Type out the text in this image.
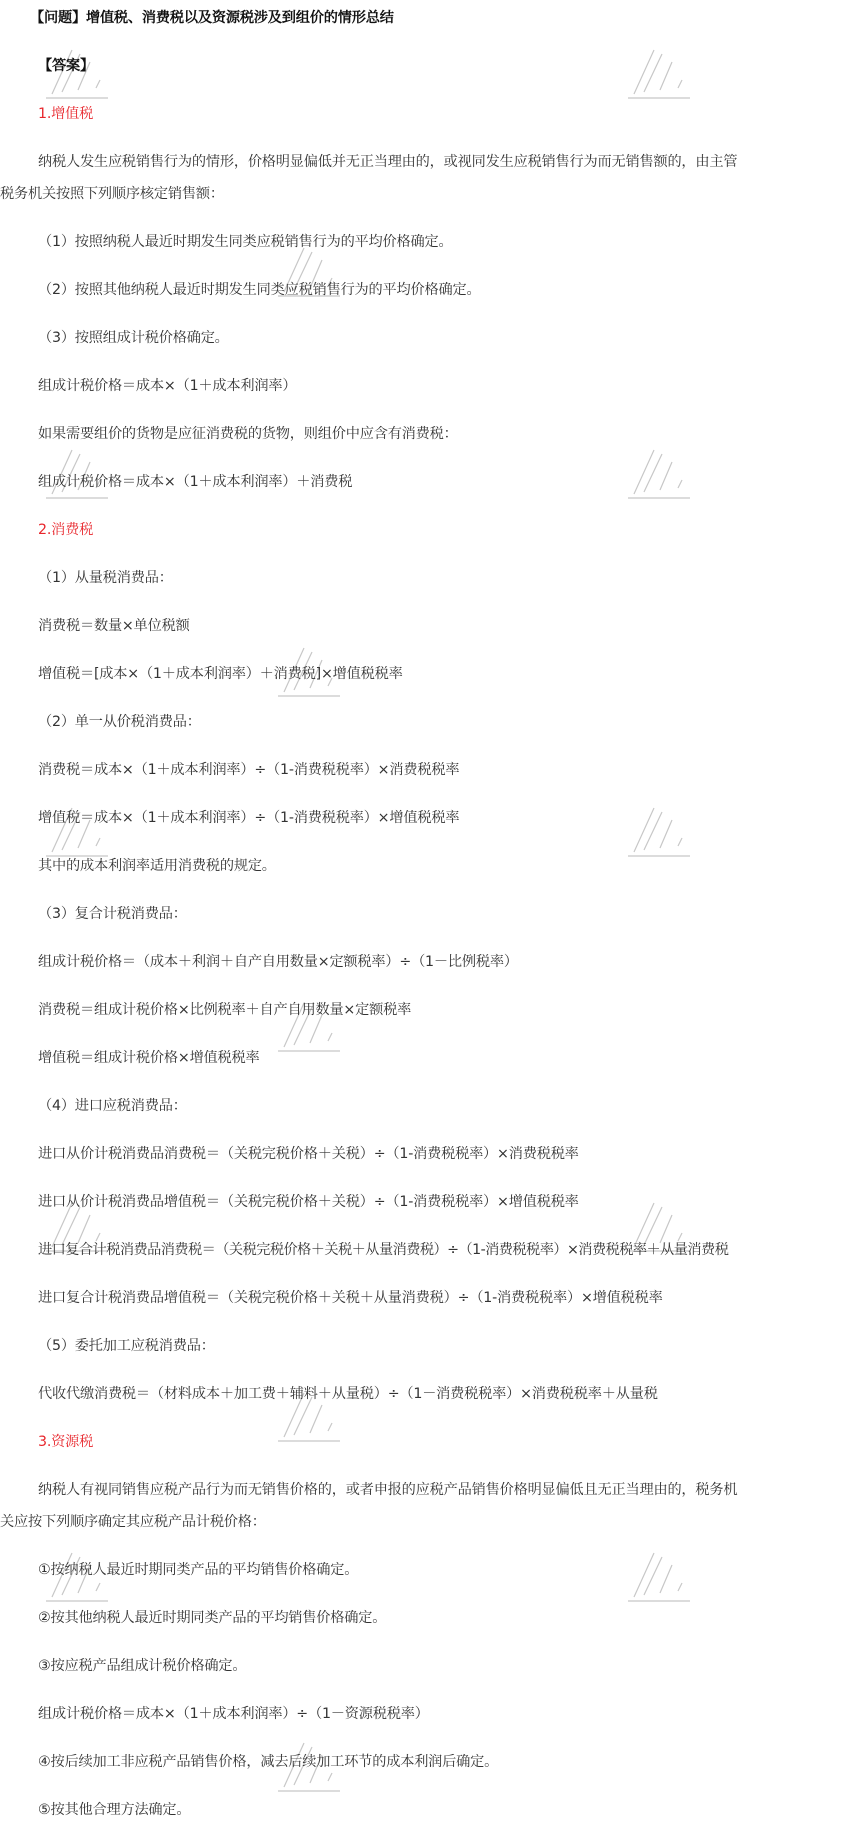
【问题】增值税、消费税以及资源税涉及到组价的情形总结
【答案】
1.增值税
纳税人发生应税销售行为的情形，价格明显偏低并无正当理由的，或视同发生应税销售行为而无销售额的，由主管
税务机关按照下列顺序核定销售额：
（1）按照纳税人最近时期发生同类应税销售行为的平均价格确定。
（2）按照其他纳税人最近时期发生同类应税销售行为的平均价格确定。
（3）按照组成计税价格确定。
组成计税价格＝成本×（1＋成本利润率）
如果需要组价的货物是应征消费税的货物，则组价中应含有消费税：
组成计税价格＝成本×（1＋成本利润率）＋消费税
2.消费税
（1）从量税消费品：
消费税＝数量×单位税额
增值税＝[成本×（1＋成本利润率）＋消费税]×增值税税率
（2）单一从价税消费品：
消费税＝成本×（1＋成本利润率）÷（1-消费税税率）×消费税税率
增值税＝成本×（1＋成本利润率）÷（1-消费税税率）×增值税税率
其中的成本利润率适用消费税的规定。
（3）复合计税消费品：
组成计税价格＝（成本＋利润＋自产自用数量×定额税率）÷（1－比例税率）
消费税＝组成计税价格×比例税率＋自产自用数量×定额税率
增值税＝组成计税价格×增值税税率
（4）进口应税消费品：
进口从价计税消费品消费税＝（关税完税价格＋关税）÷（1-消费税税率）×消费税税率
进口从价计税消费品增值税＝（关税完税价格＋关税）÷（1-消费税税率）×增值税税率
进口复合计税消费品消费税＝（关税完税价格＋关税＋从量消费税）÷（1-消费税税率）×消费税税率＋从量消费税
进口复合计税消费品增值税＝（关税完税价格＋关税＋从量消费税）÷（1-消费税税率）×增值税税率
（5）委托加工应税消费品：
代收代缴消费税＝（材料成本＋加工费＋辅料＋从量税）÷（1－消费税税率）×消费税税率＋从量税
3.资源税
纳税人有视同销售应税产品行为而无销售价格的，或者申报的应税产品销售价格明显偏低且无正当理由的，税务机
关应按下列顺序确定其应税产品计税价格：
①按纳税人最近时期同类产品的平均销售价格确定。
②按其他纳税人最近时期同类产品的平均销售价格确定。
③按应税产品组成计税价格确定。
组成计税价格＝成本×（1＋成本利润率）÷（1－资源税税率）
④按后续加工非应税产品销售价格，减去后续加工环节的成本利润后确定。
⑤按其他合理方法确定。
